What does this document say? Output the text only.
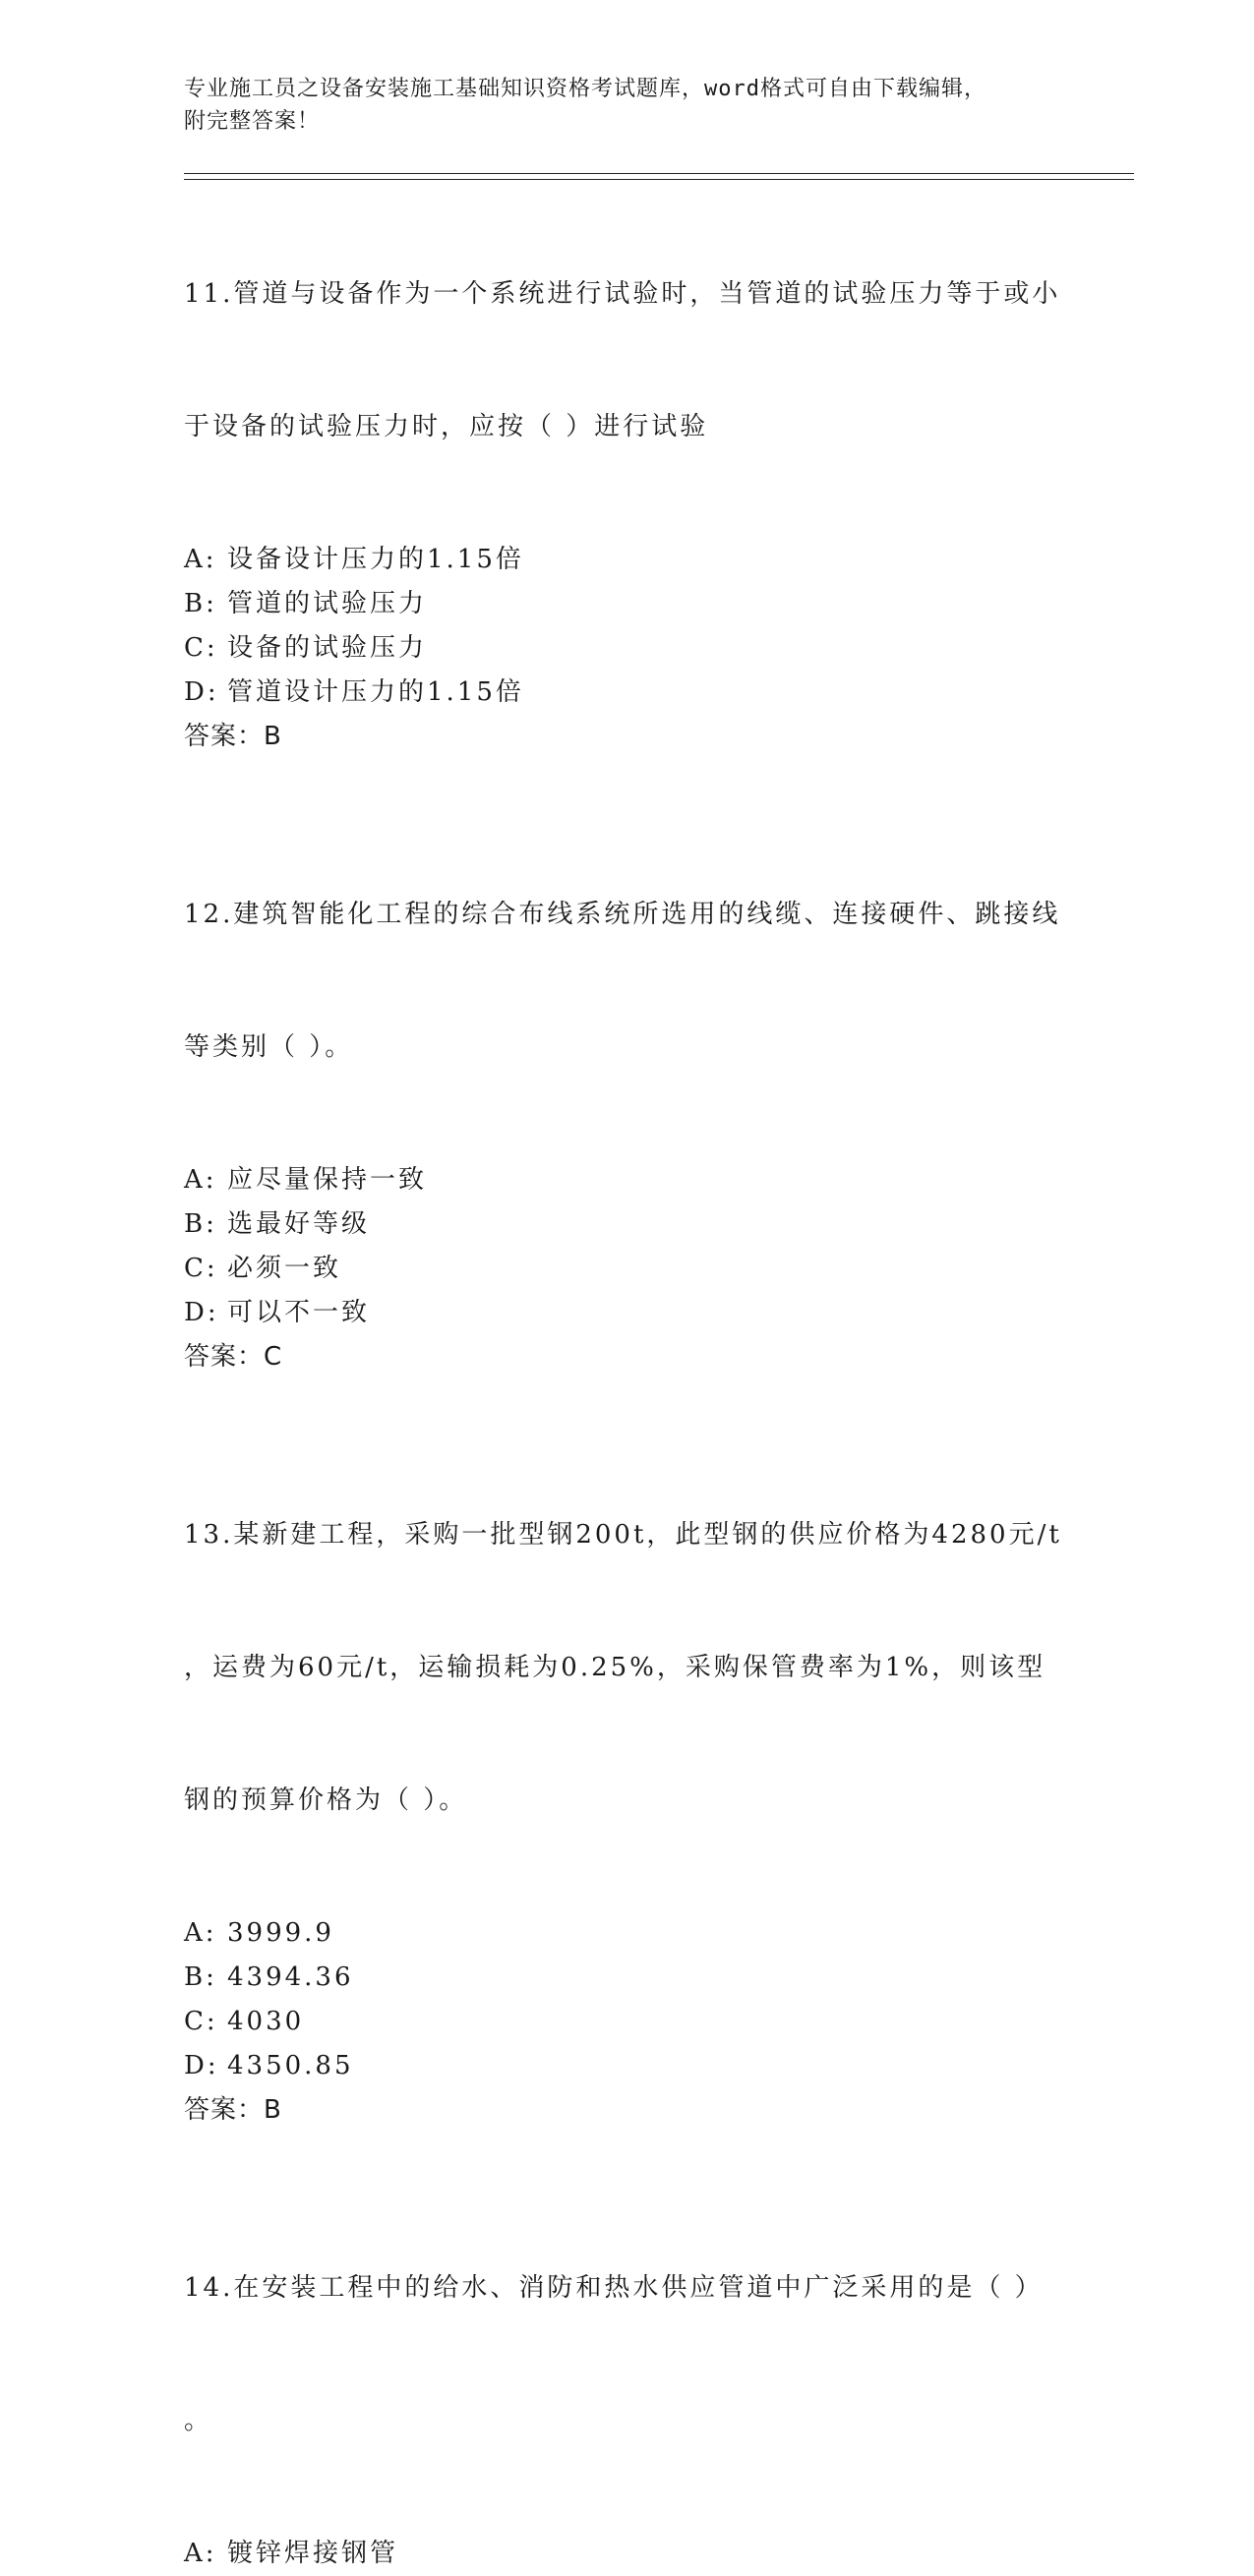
专业施工员之设备安装施工基础知识资格考试题库，word格式可自由下载编辑，
附完整答案！

11.管道与设备作为一个系统进行试验时，当管道的试验压力等于或小

于设备的试验压力时，应按（ ）进行试验

A: 设备设计压力的1.15倍
B: 管道的试验压力
C: 设备的试验压力
D: 管道设计压力的1.15倍
答案：B

12.建筑智能化工程的综合布线系统所选用的线缆、连接硬件、跳接线

等类别（ ）。

A: 应尽量保持一致
B: 选最好等级
C: 必须一致
D: 可以不一致
答案：C

13.某新建工程，采购一批型钢200t，此型钢的供应价格为4280元/t

，运费为60元/t，运输损耗为0.25%，采购保管费率为1%，则该型

钢的预算价格为（ ）。

A: 3999.9
B: 4394.36
C: 4030
D: 4350.85
答案：B

14.在安装工程中的给水、消防和热水供应管道中广泛采用的是（ ）

。

A: 镀锌焊接钢管
